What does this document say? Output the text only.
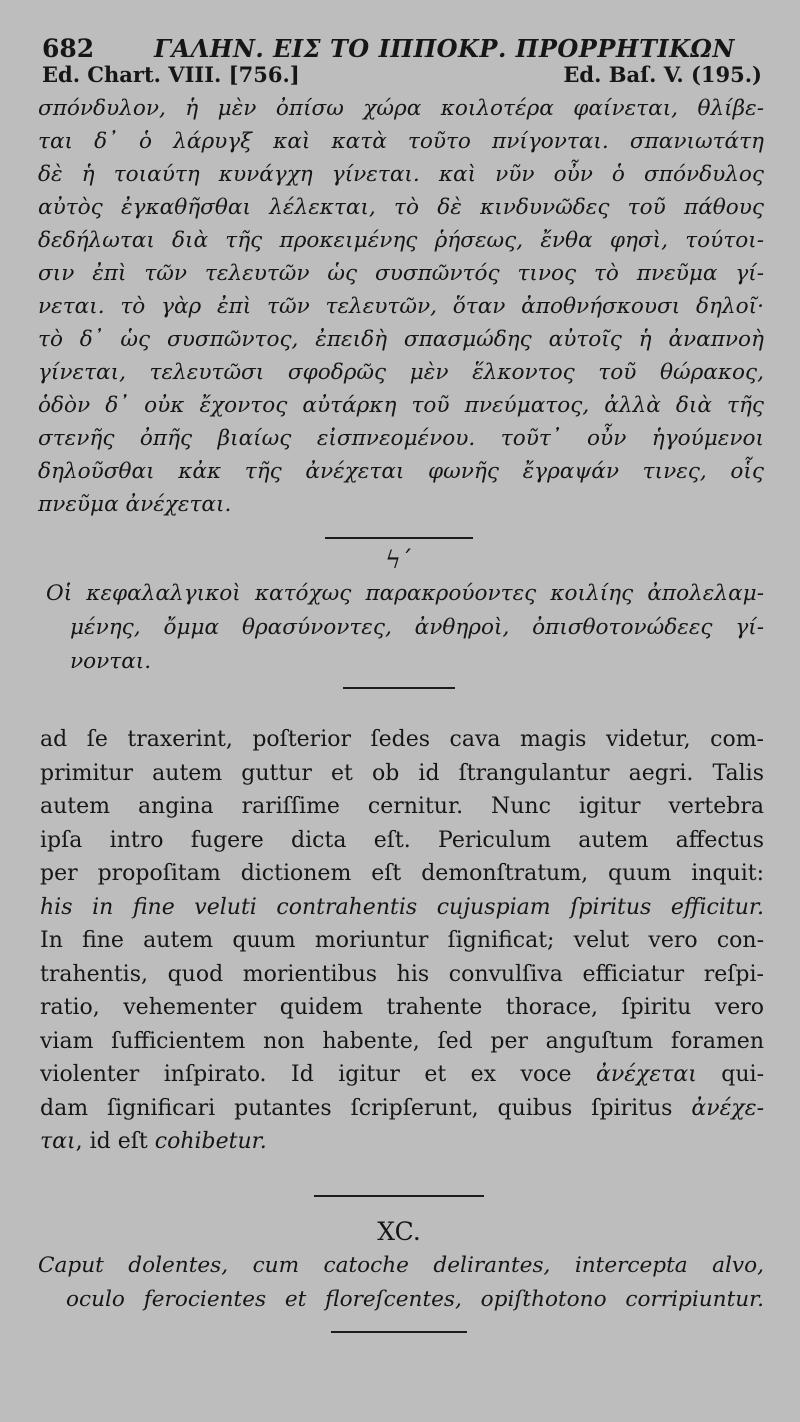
682 ΓΑΛΗΝ. ΕΙΣ ΤΟ ΙΠΠΟΚΡ. ΠΡΟΡΡΗΤΙΚΩΝ
Ed. Chart. VIII. [756.]	Ed. Baſ. V. (195.)
σπόνδυλον, ἡ μὲν ὀπίσω χώρα κοιλοτέρα φαίνεται, θλίβε-
ται δ᾽ ὁ λάρυγξ καὶ κατὰ τοῦτο πνίγονται. σπανιωτάτη
δὲ ἡ τοιαύτη κυνάγχη γίνεται. καὶ νῦν οὖν ὁ σπόνδυλος
αὐτὸς ἐγκαθῆσθαι λέλεκται, τὸ δὲ κινδυνῶδες τοῦ πάθους
δεδήλωται διὰ τῆς προκειμένης ῥήσεως, ἔνθα φησὶ, τούτοι-
σιν ἐπὶ τῶν τελευτῶν ὡς συσπῶντός τινος τὸ πνεῦμα γί-
νεται. τὸ γὰρ ἐπὶ τῶν τελευτῶν, ὅταν ἀποθνήσκουσι δηλοῖ·
τὸ δ᾽ ὡς συσπῶντος, ἐπειδὴ σπασμώδης αὐτοῖς ἡ ἀναπνοὴ
γίνεται, τελευτῶσι σφοδρῶς μὲν ἕλκοντος τοῦ θώρακος,
ὁδὸν δ᾽ οὐκ ἔχοντος αὐτάρκη τοῦ πνεύματος, ἀλλὰ διὰ τῆς
στενῆς ὀπῆς βιαίως εἰσπνεομένου. τοῦτ᾽ οὖν ἡγούμενοι
δηλοῦσθαι κἀκ τῆς ἀνέχεται φωνῆς ἔγραψάν τινες, οἷς
πνεῦμα ἀνέχεται.
ϟ΄
Οἱ κεφαλαλγικοὶ κατόχως παρακρούοντες κοιλίης ἀπολελαμ-
μένης, ὄμμα θρασύνοντες, ἀνθηροὶ, ὀπισθοτονώδεες γί-
νονται.
ad ſe traxerint, poſterior ſedes cava magis videtur, com-
primitur autem guttur et ob id ſtrangulantur aegri. Talis
autem angina rariſſime cernitur. Nunc igitur vertebra
ipſa intro fugere dicta eſt. Periculum autem affectus
per propoſitam dictionem eſt demonſtratum, quum inquit:
his in fine veluti contrahentis cujuspiam ſpiritus efficitur.
In fine autem quum moriuntur ſignificat; velut vero con-
trahentis, quod morientibus his convulſiva efficiatur reſpi-
ratio, vehementer quidem trahente thorace, ſpiritu vero
viam ſufficientem non habente, ſed per anguſtum foramen
violenter inſpirato. Id igitur et ex voce ἀνέχεται qui-
dam ſignificari putantes ſcripſerunt, quibus ſpiritus ἀνέχε-
ται, id eſt cohibetur.
XC.
Caput dolentes, cum catoche delirantes, intercepta alvo,
oculo ferocientes et floreſcentes, opiſthotono corripiuntur.
